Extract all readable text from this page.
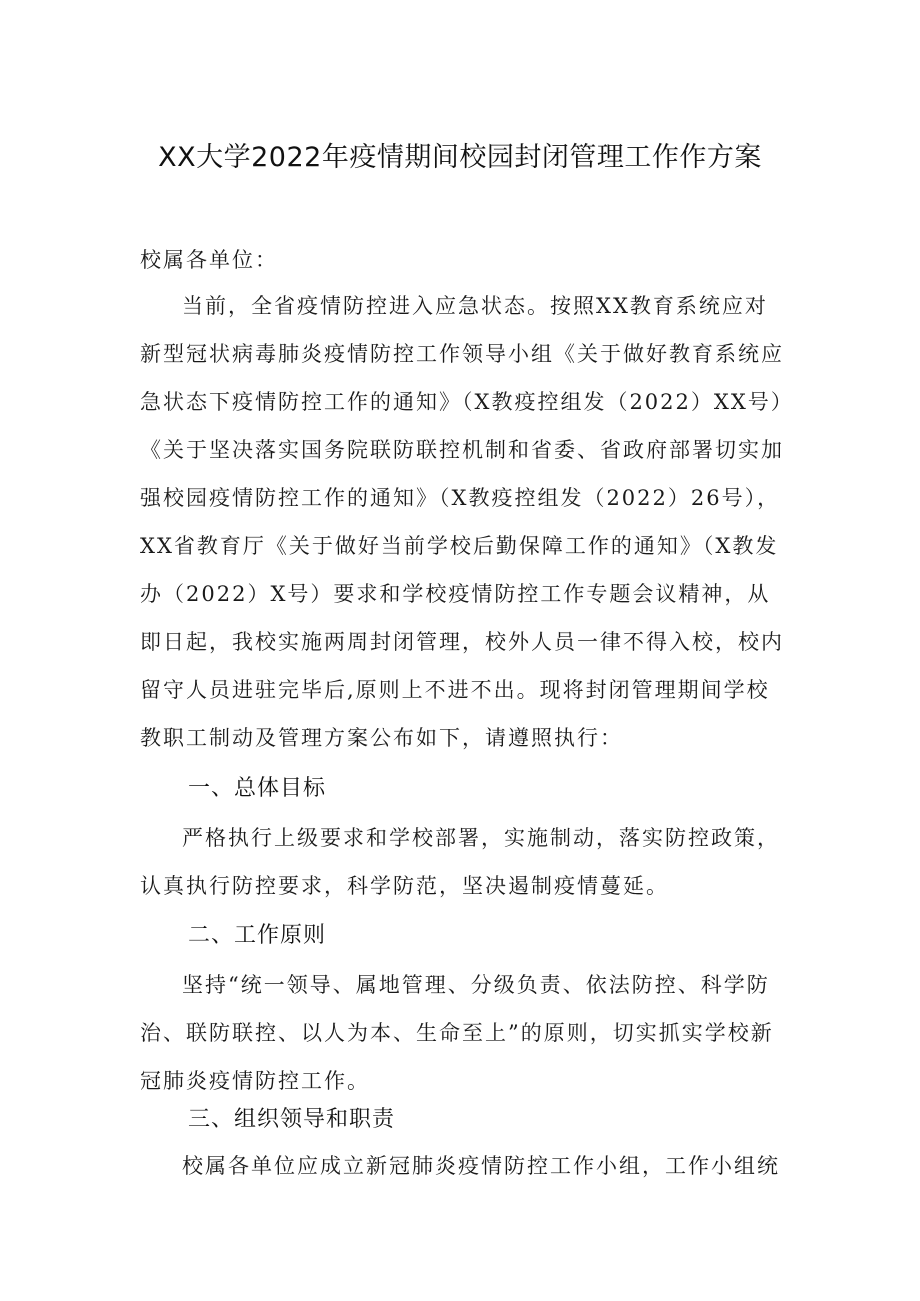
XX大学2022年疫情期间校园封闭管理工作作方案
校属各单位：
当前，全省疫情防控进入应急状态。按照XX教育系统应对新型冠状病毒肺炎疫情防控工作领导小组《关于做好教育系统应急状态下疫情防控工作的通知》（X教疫控组发（2022）XX号）《关于坚决落实国务院联防联控机制和省委、省政府部署切实加强校园疫情防控工作的通知》（X教疫控组发（2022）26号），XX省教育厅《关于做好当前学校后勤保障工作的通知》（X教发办（2022）X号）要求和学校疫情防控工作专题会议精神，从即日起，我校实施两周封闭管理，校外人员一律不得入校，校内留守人员进驻完毕后,原则上不进不出。现将封闭管理期间学校教职工制动及管理方案公布如下，请遵照执行：
一、总体目标
严格执行上级要求和学校部署，实施制动，落实防控政策，认真执行防控要求，科学防范，坚决遏制疫情蔓延。
二、工作原则
坚持“统一领导、属地管理、分级负责、依法防控、科学防治、联防联控、以人为本、生命至上”的原则，切实抓实学校新冠肺炎疫情防控工作。
三、组织领导和职责
校属各单位应成立新冠肺炎疫情防控工作小组，工作小组统
